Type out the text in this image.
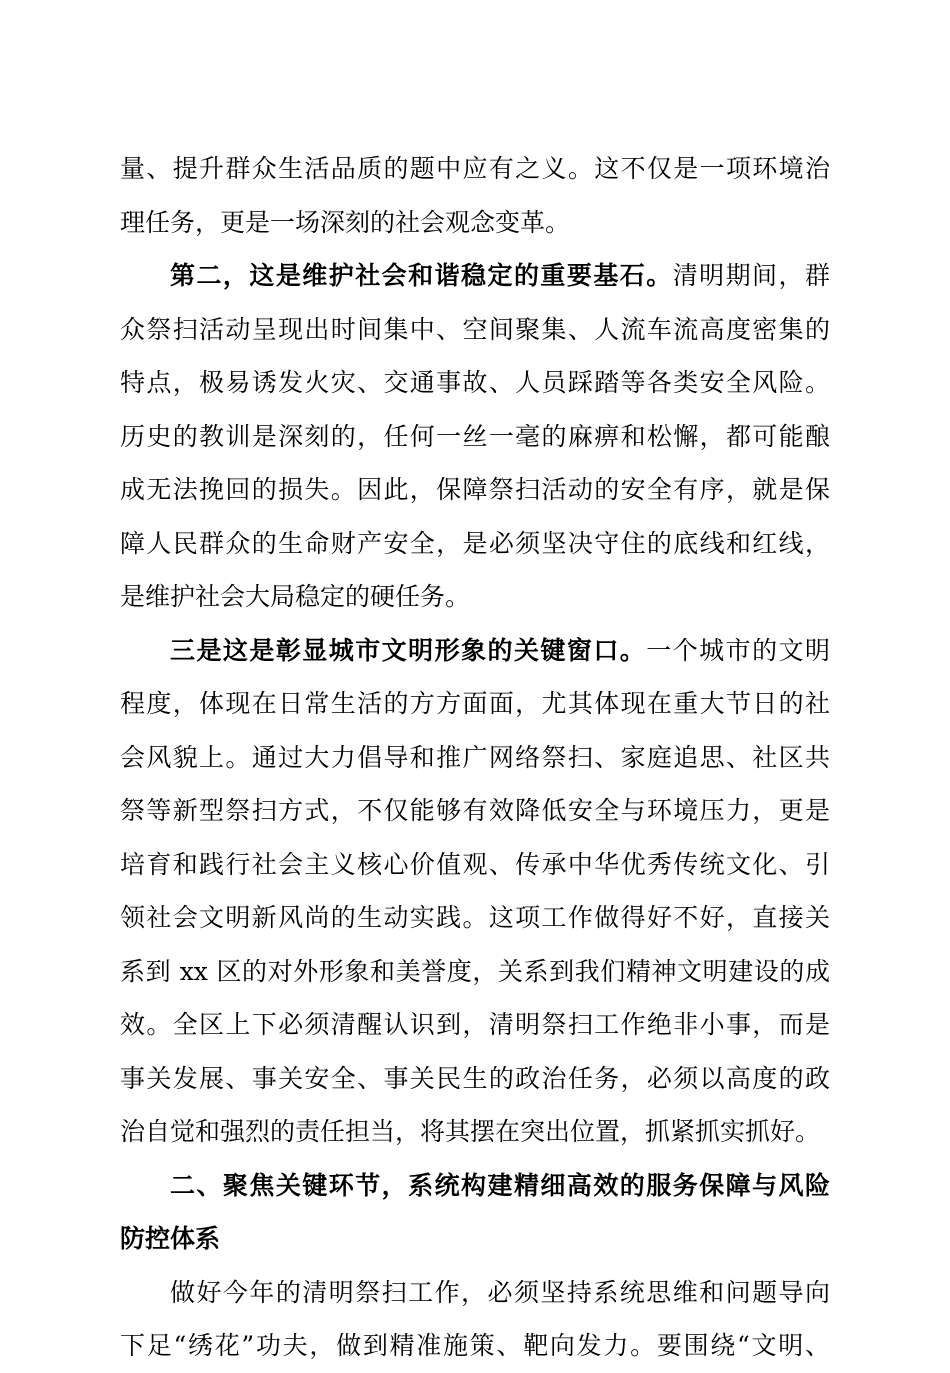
量、提升群众生活品质的题中应有之义。这不仅是一项环境治
理任务，更是一场深刻的社会观念变革。
第二，这是维护社会和谐稳定的重要基石。清明期间，群
众祭扫活动呈现出时间集中、空间聚集、人流车流高度密集的
特点，极易诱发火灾、交通事故、人员踩踏等各类安全风险。
历史的教训是深刻的，任何一丝一毫的麻痹和松懈，都可能酿
成无法挽回的损失。因此，保障祭扫活动的安全有序，就是保
障人民群众的生命财产安全，是必须坚决守住的底线和红线，
是维护社会大局稳定的硬任务。
三是这是彰显城市文明形象的关键窗口。一个城市的文明
程度，体现在日常生活的方方面面，尤其体现在重大节日的社
会风貌上。通过大力倡导和推广网络祭扫、家庭追思、社区共
祭等新型祭扫方式，不仅能够有效降低安全与环境压力，更是
培育和践行社会主义核心价值观、传承中华优秀传统文化、引
领社会文明新风尚的生动实践。这项工作做得好不好，直接关
系到 xx 区的对外形象和美誉度，关系到我们精神文明建设的成
效。全区上下必须清醒认识到，清明祭扫工作绝非小事，而是
事关发展、事关安全、事关民生的政治任务，必须以高度的政
治自觉和强烈的责任担当，将其摆在突出位置，抓紧抓实抓好。
二、聚焦关键环节，系统构建精细高效的服务保障与风险
防控体系
做好今年的清明祭扫工作，必须坚持系统思维和问题导向
下足“绣花”功夫，做到精准施策、靶向发力。要围绕“文明、
